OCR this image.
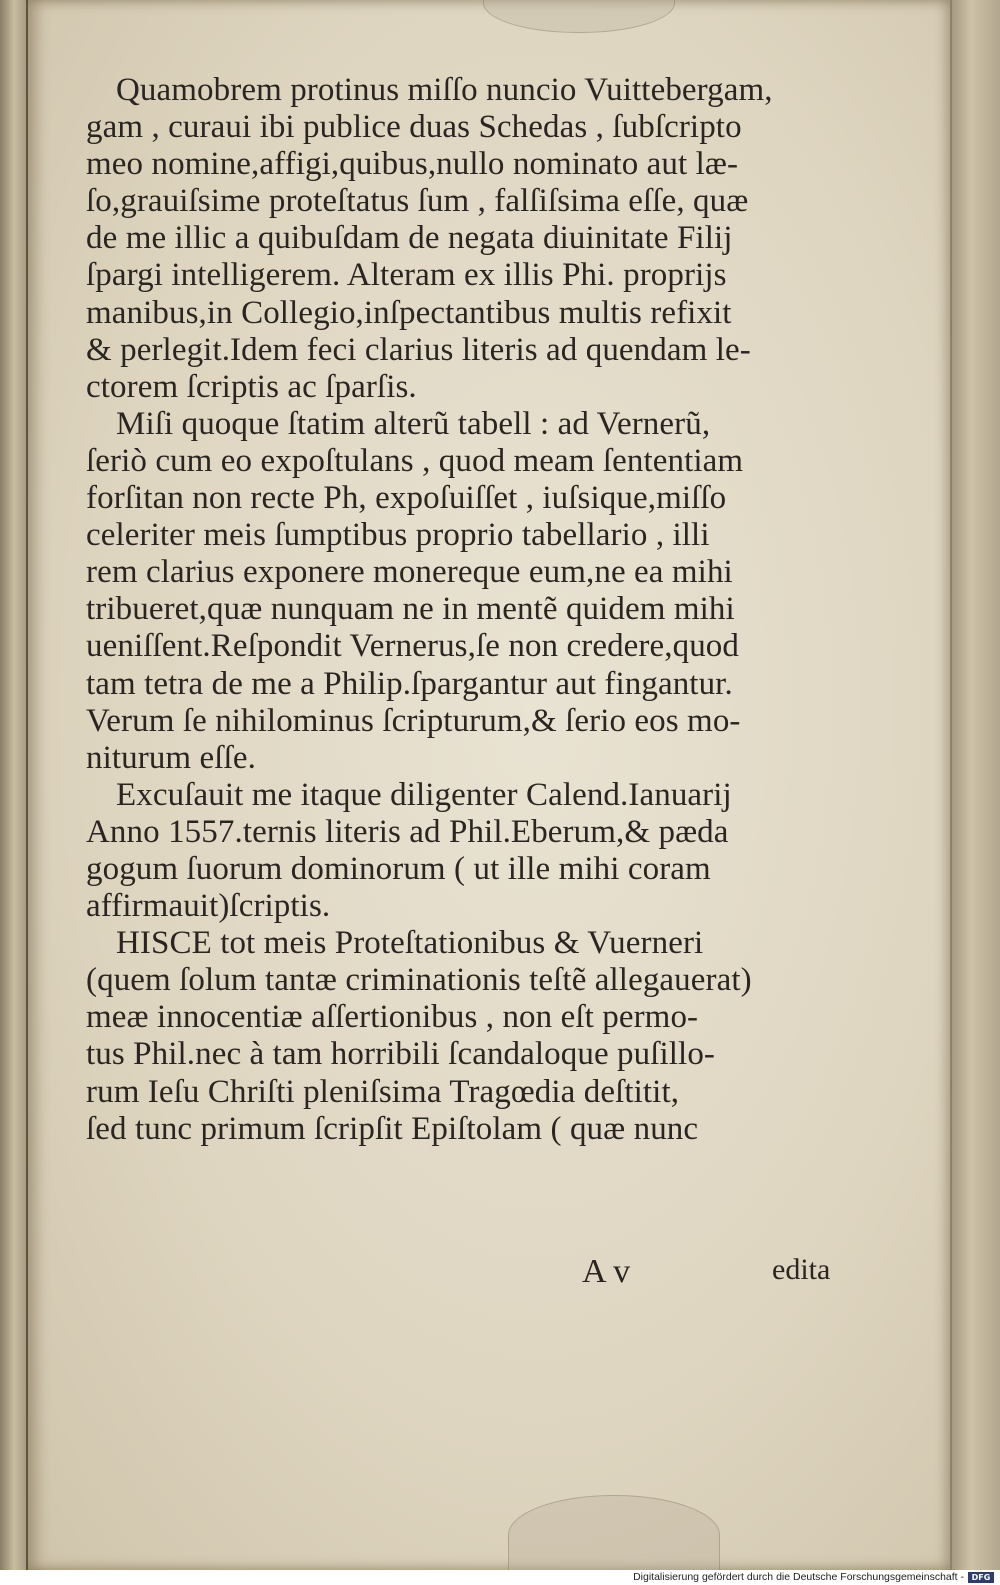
Quamobrem protinus miſſo nuncio Vuittebergam,
gam , curaui ibi publice duas Schedas , ſubſcripto
meo nomine,affigi,quibus,nullo nominato aut læ-
ſo,grauiſsime proteſtatus ſum , falſiſsima eſſe, quæ
de me illic a quibuſdam de negata diuinitate Filij
ſpargi intelligerem. Alteram ex illis Phi. proprijs
manibus,in Collegio,inſpectantibus multis refixit
& perlegit.Idem feci clarius literis ad quendam le-
ctorem ſcriptis ac ſparſis.
Miſi quoque ſtatim alterũ tabell : ad Vernerũ,
ſeriò cum eo expoſtulans , quod meam ſententiam
forſitan non recte Ph, expoſuiſſet , iuſsique,miſſo
celeriter meis ſumptibus proprio tabellario , illi
rem clarius exponere monereque eum,ne ea mihi
tribueret,quæ nunquam ne in mentẽ quidem mihi
ueniſſent.Reſpondit Vernerus,ſe non credere,quod
tam tetra de me a Philip.ſpargantur aut fingantur.
Verum ſe nihilominus ſcripturum,& ſerio eos mo-
niturum eſſe.
Excuſauit me itaque diligenter Calend.Ianuarij
Anno 1557.ternis literis ad Phil.Eberum,& pæda
gogum ſuorum dominorum ( ut ille mihi coram
affirmauit)ſcriptis.
HISCE tot meis Proteſtationibus & Vuerneri
(quem ſolum tantæ criminationis teſtẽ allegauerat)
meæ innocentiæ aſſertionibus , non eſt permo-
tus Phil.nec à tam horribili ſcandaloque puſillo-
rum Ieſu Chriſti pleniſsima Tragœdia deſtitit,
ſed tunc primum ſcripſit Epiſtolam ( quæ nunc
A v	edita
Digitalisierung gefördert durch die Deutsche Forschungsgemeinschaft - DFG
